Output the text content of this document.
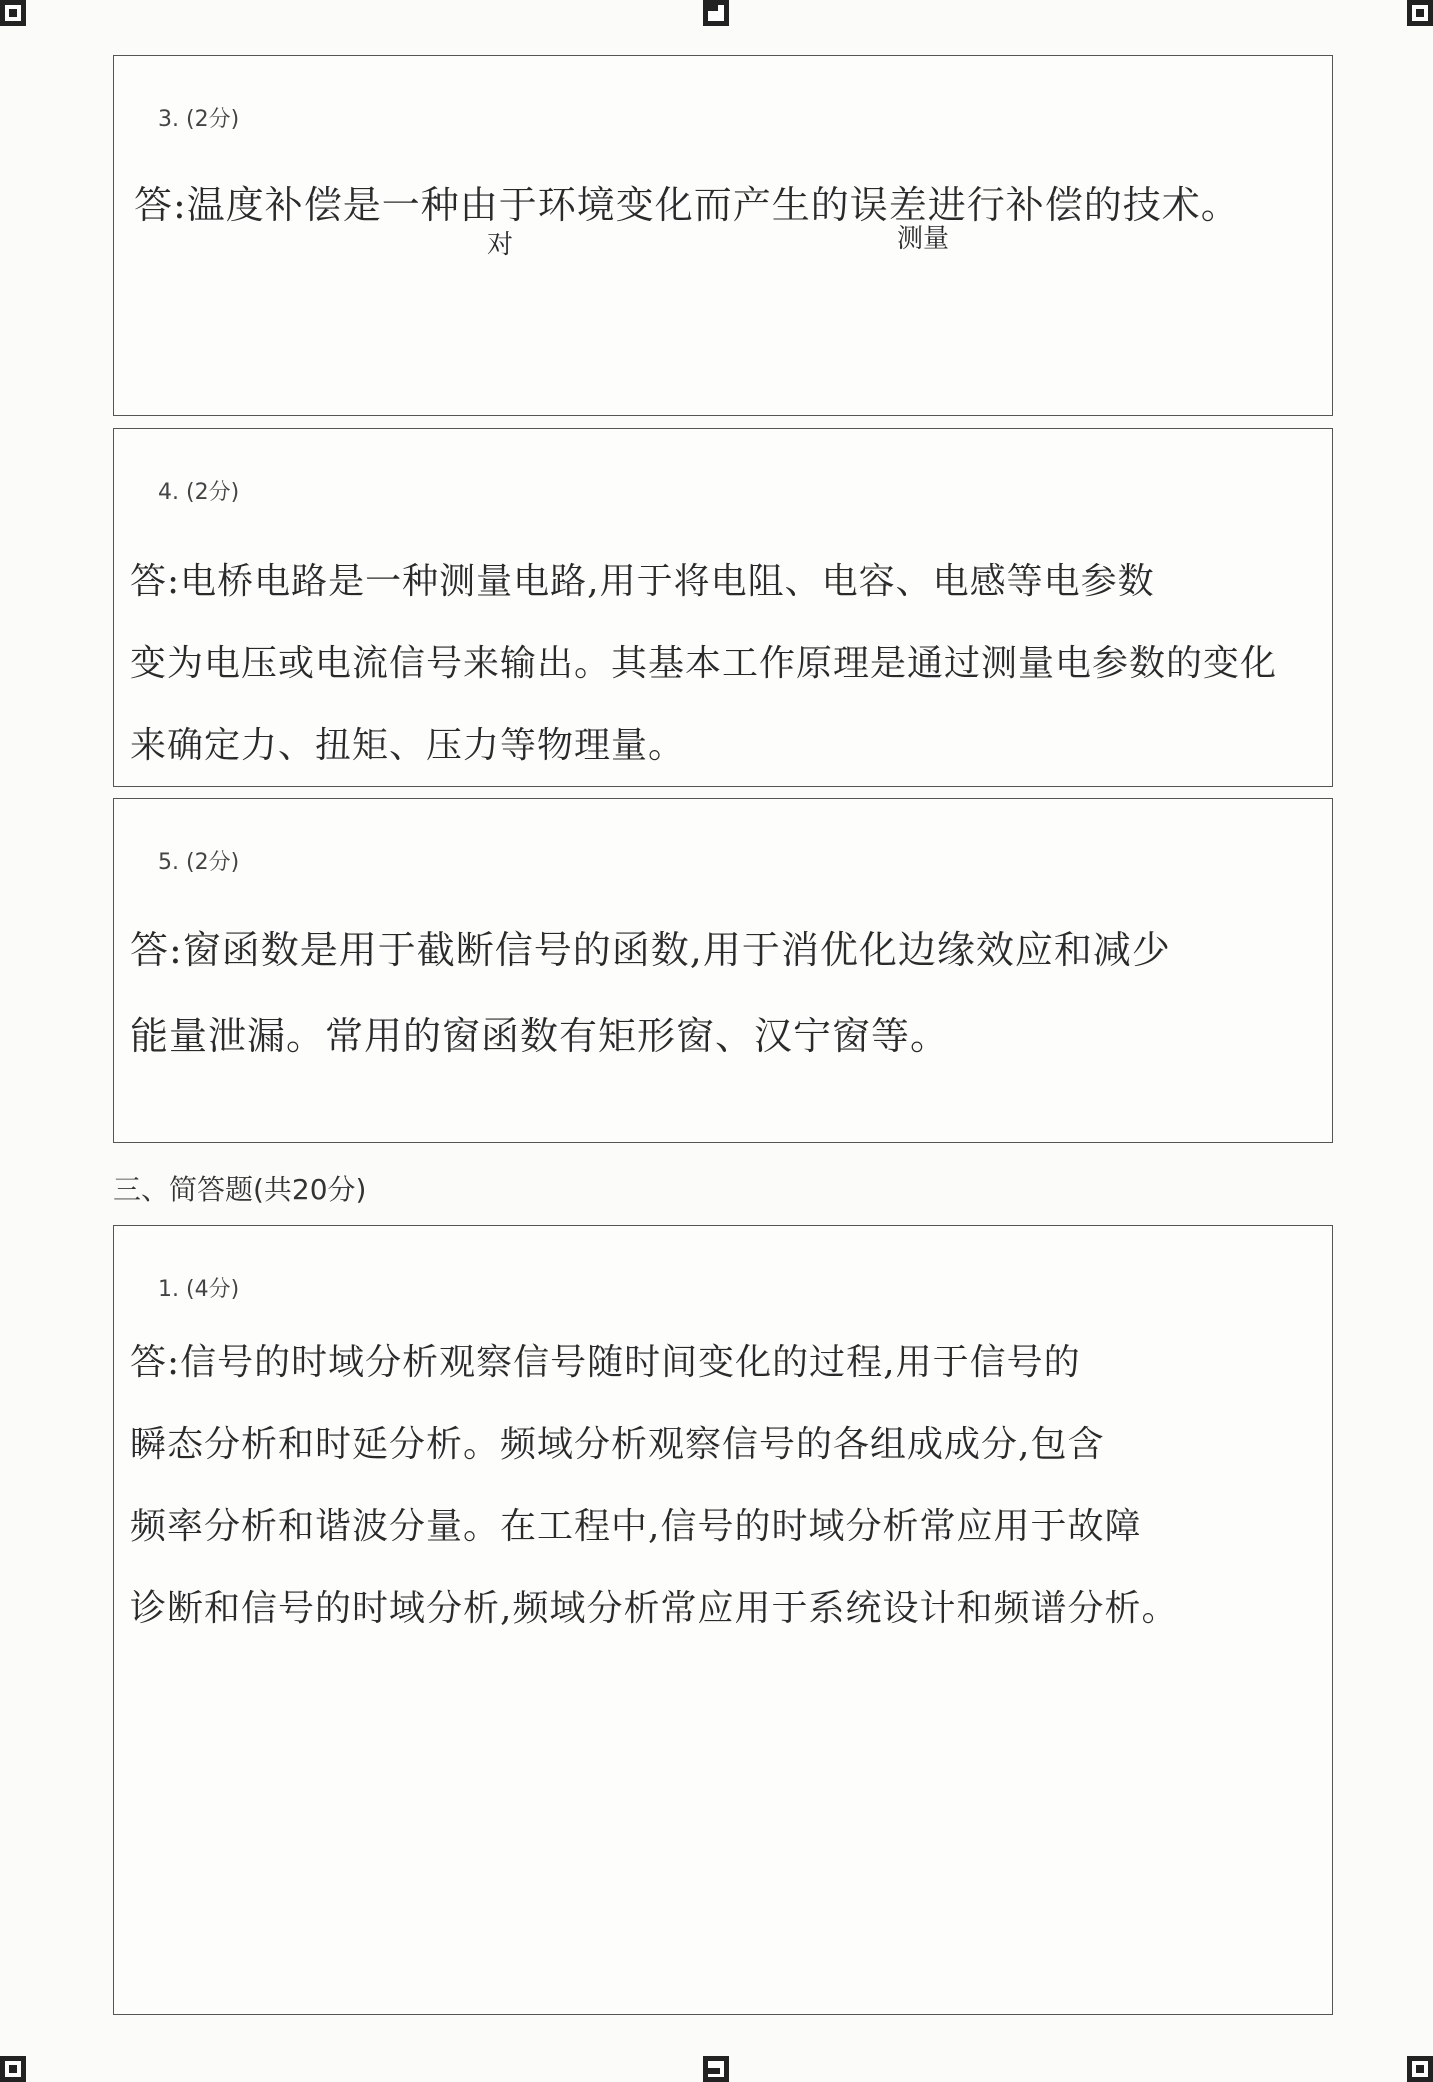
3. (2分)
答:温度补偿是一种由于环境变化而产生的误差进行补偿的技术。
对	测量
4. (2分)
答:电桥电路是一种测量电路,用于将电阻、电容、电感等电参数
变为电压或电流信号来输出。其基本工作原理是通过测量电参数的变化
来确定力、扭矩、压力等物理量。
5. (2分)
答:窗函数是用于截断信号的函数,用于消优化边缘效应和减少
能量泄漏。常用的窗函数有矩形窗、汉宁窗等。
三、简答题(共20分)
1. (4分)
答:信号的时域分析观察信号随时间变化的过程,用于信号的
瞬态分析和时延分析。频域分析观察信号的各组成成分,包含
频率分析和谐波分量。在工程中,信号的时域分析常应用于故障
诊断和信号的时域分析,频域分析常应用于系统设计和频谱分析。
